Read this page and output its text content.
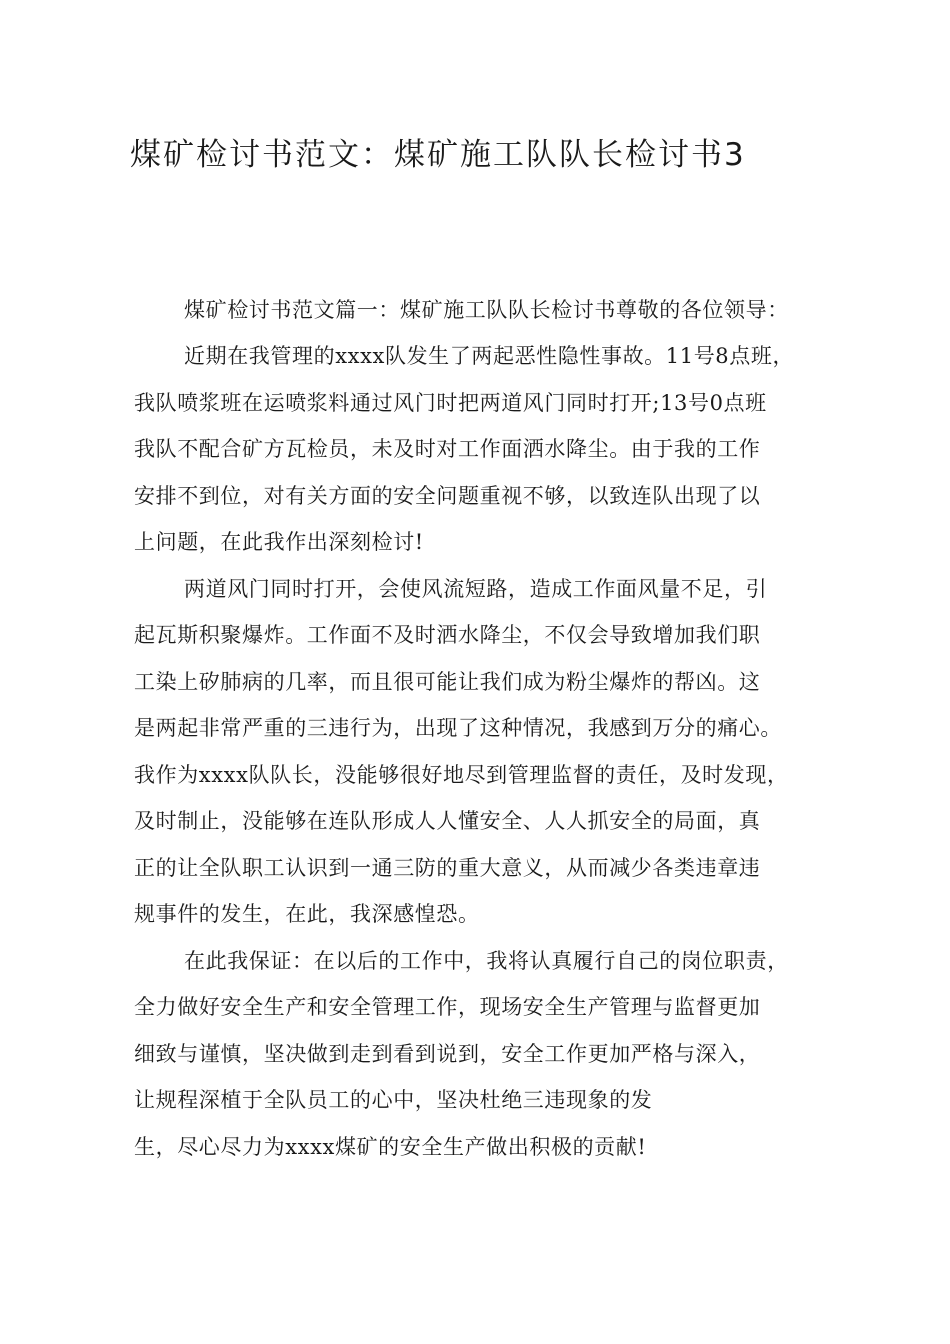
煤矿检讨书范文：煤矿施工队队长检讨书3
煤矿检讨书范文篇一：煤矿施工队队长检讨书尊敬的各位领导：
近期在我管理的xxxx队发生了两起恶性隐性事故。11号8点班，
我队喷浆班在运喷浆料通过风门时把两道风门同时打开;13号0点班
我队不配合矿方瓦检员，未及时对工作面洒水降尘。由于我的工作
安排不到位，对有关方面的安全问题重视不够，以致连队出现了以
上问题，在此我作出深刻检讨!
两道风门同时打开，会使风流短路，造成工作面风量不足，引
起瓦斯积聚爆炸。工作面不及时洒水降尘，不仅会导致增加我们职
工染上矽肺病的几率，而且很可能让我们成为粉尘爆炸的帮凶。这
是两起非常严重的三违行为，出现了这种情况，我感到万分的痛心。
我作为xxxx队队长，没能够很好地尽到管理监督的责任，及时发现，
及时制止，没能够在连队形成人人懂安全、人人抓安全的局面，真
正的让全队职工认识到一通三防的重大意义，从而减少各类违章违
规事件的发生，在此，我深感惶恐。
在此我保证：在以后的工作中，我将认真履行自己的岗位职责，
全力做好安全生产和安全管理工作，现场安全生产管理与监督更加
细致与谨慎，坚决做到走到看到说到，安全工作更加严格与深入，
让规程深植于全队员工的心中，坚决杜绝三违现象的发
生，尽心尽力为xxxx煤矿的安全生产做出积极的贡献!
